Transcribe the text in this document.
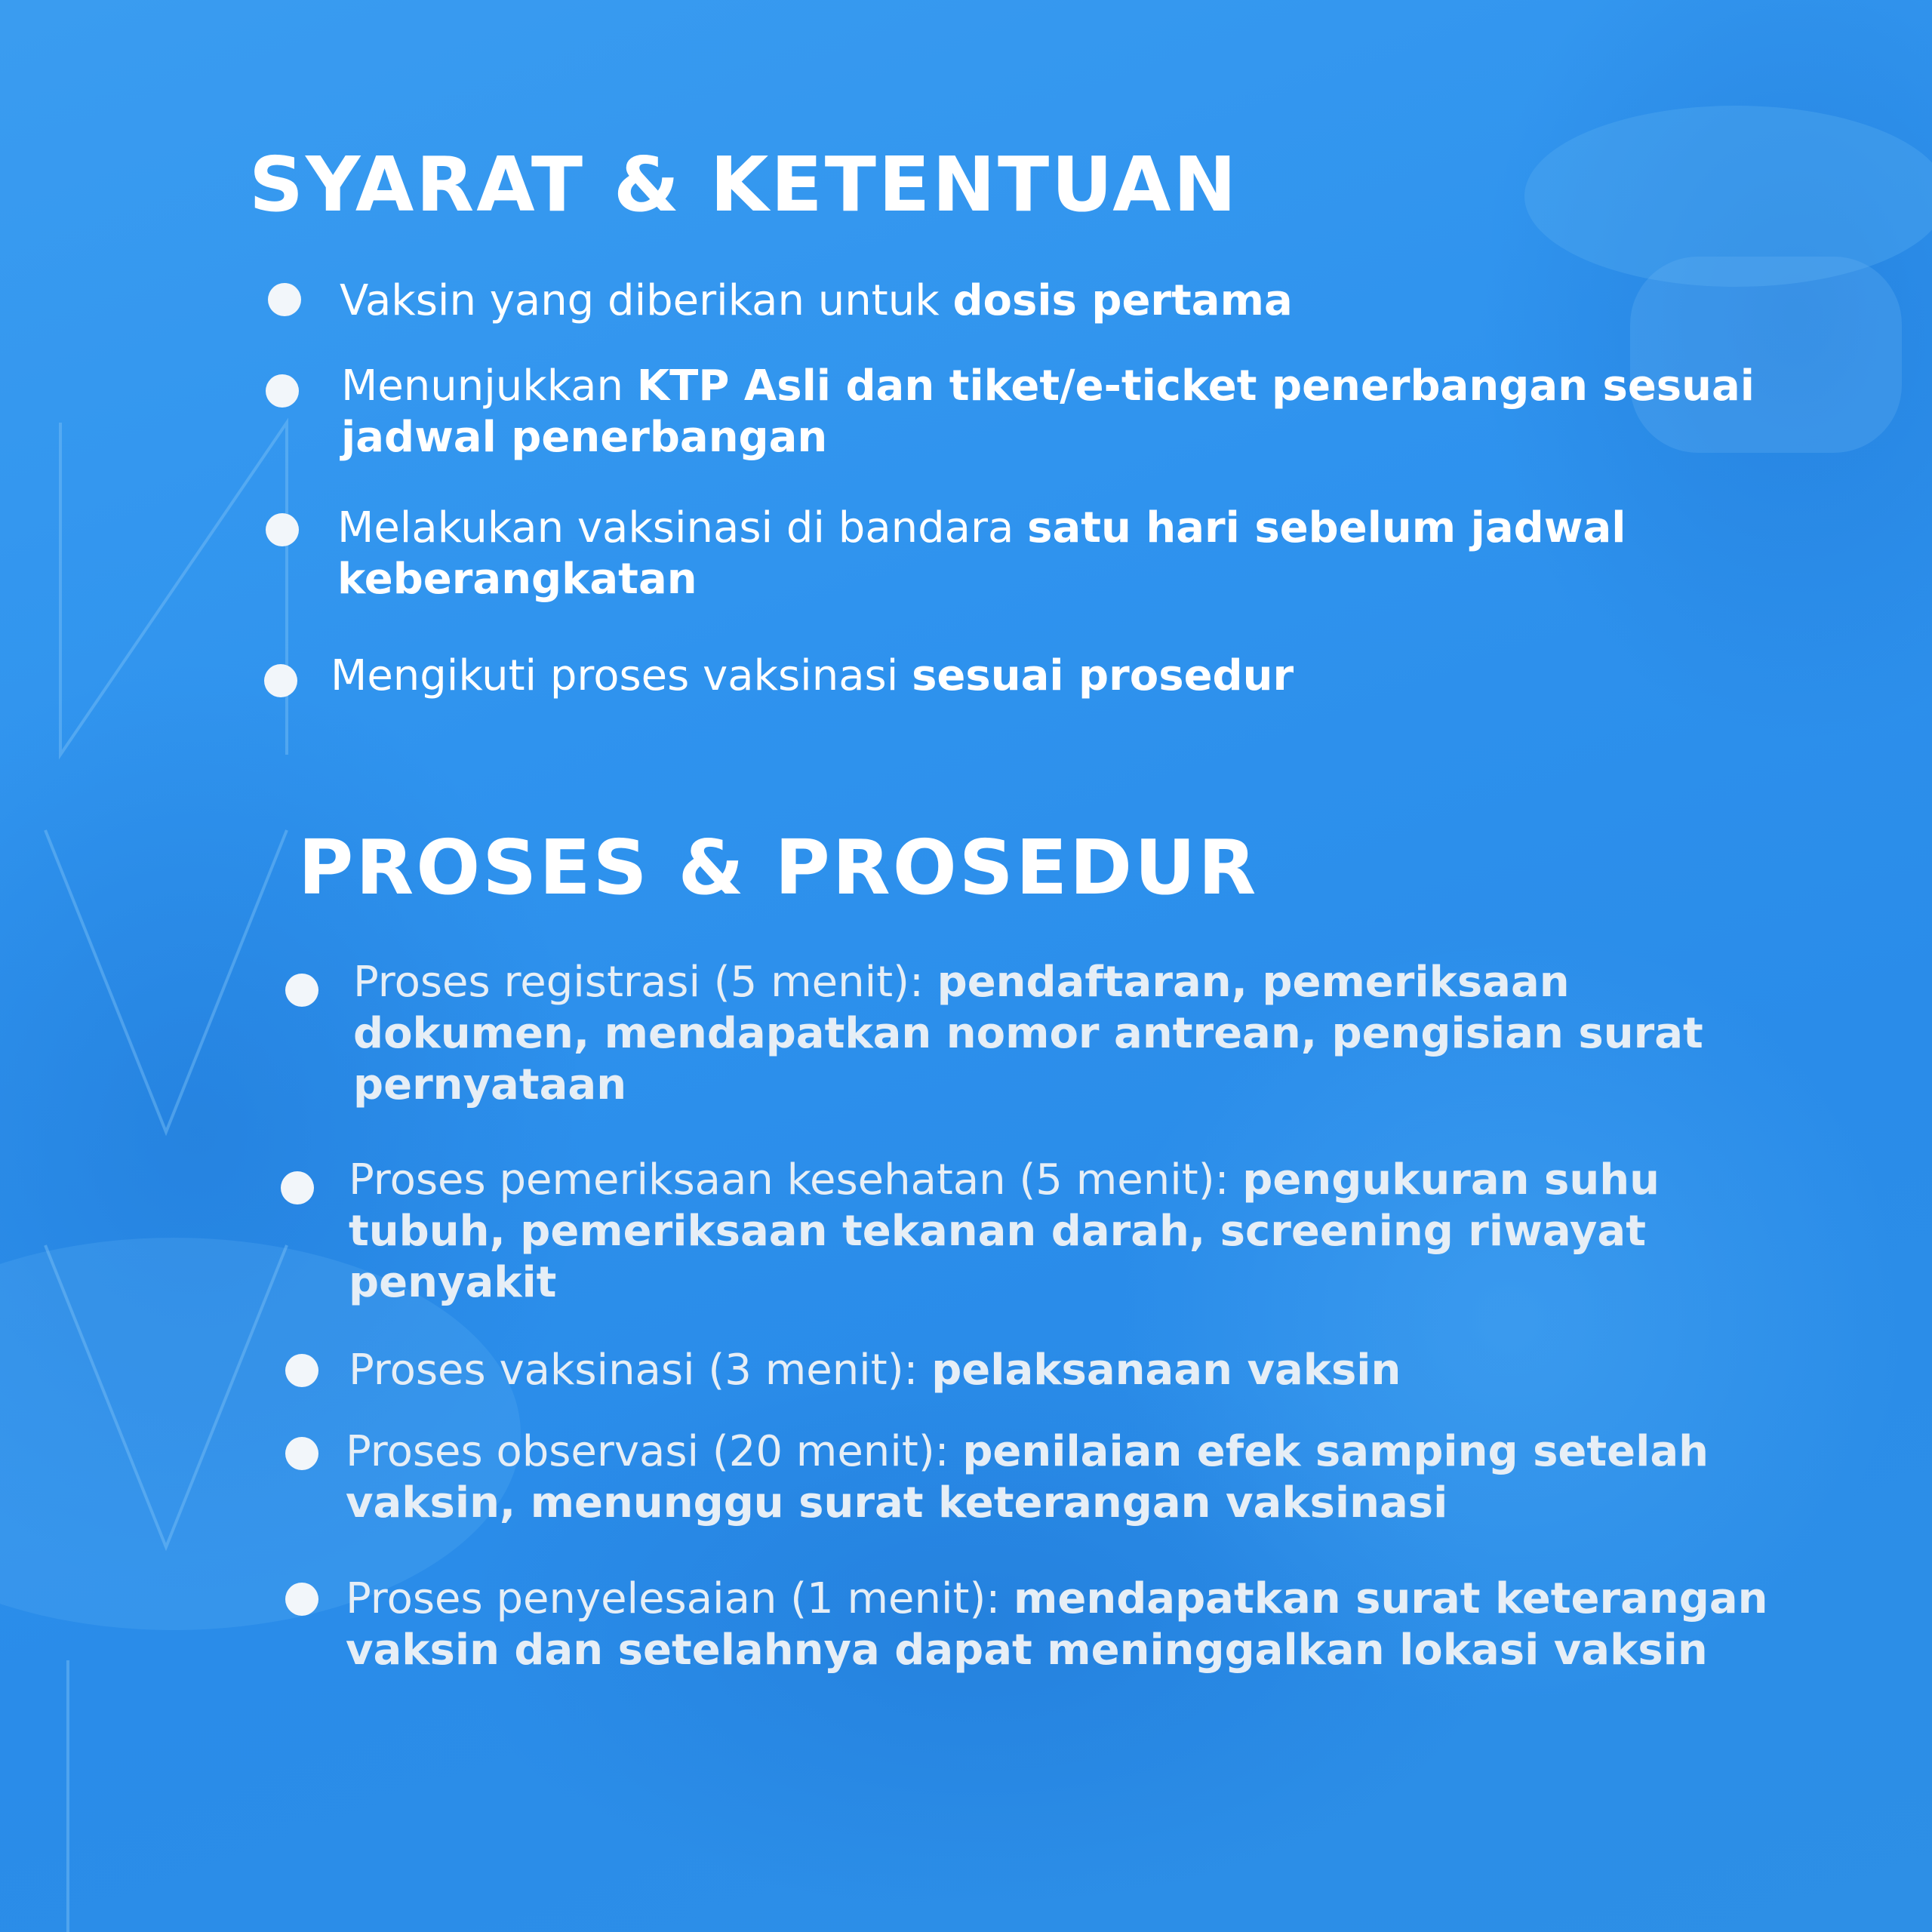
SYARAT & KETENTUAN

Vaksin yang diberikan untuk dosis pertama

Menunjukkan KTP Asli dan tiket/e-ticket penerbangan sesuai jadwal penerbangan

Melakukan vaksinasi di bandara satu hari sebelum jadwal keberangkatan

Mengikuti proses vaksinasi sesuai prosedur

PROSES & PROSEDUR

Proses registrasi (5 menit): pendaftaran, pemeriksaan dokumen, mendapatkan nomor antrean, pengisian surat pernyataan

Proses pemeriksaan kesehatan (5 menit): pengukuran suhu tubuh, pemeriksaan tekanan darah, screening riwayat penyakit

Proses vaksinasi (3 menit): pelaksanaan vaksin

Proses observasi (20 menit): penilaian efek samping setelah vaksin, menunggu surat keterangan vaksinasi

Proses penyelesaian (1 menit): mendapatkan surat keterangan vaksin dan setelahnya dapat meninggalkan lokasi vaksin
